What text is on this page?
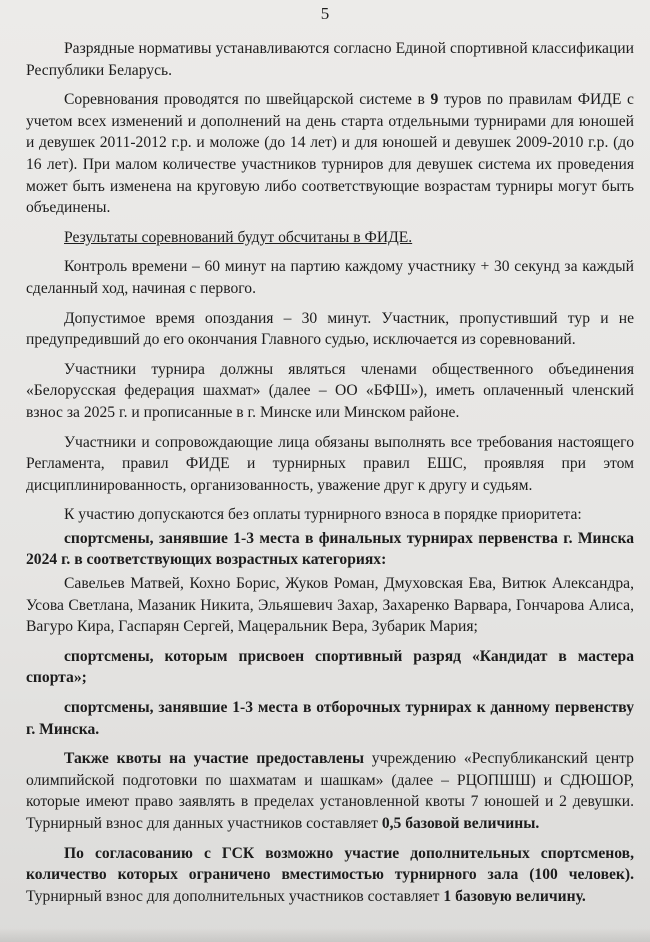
5

Разрядные нормативы устанавливаются согласно Единой спортивной классификации Республики Беларусь.

Соревнования проводятся по швейцарской системе в 9 туров по правилам ФИДЕ с учетом всех изменений и дополнений на день старта отдельными турнирами для юношей и девушек 2011-2012 г.р. и моложе (до 14 лет) и для юношей и девушек 2009-2010 г.р. (до 16 лет). При малом количестве участников турниров для девушек система их проведения может быть изменена на круговую либо соответствующие возрастам турниры могут быть объединены.

Результаты соревнований будут обсчитаны в ФИДЕ.

Контроль времени – 60 минут на партию каждому участнику + 30 секунд за каждый сделанный ход, начиная с первого.

Допустимое время опоздания – 30 минут. Участник, пропустивший тур и не предупредивший до его окончания Главного судью, исключается из соревнований.

Участники турнира должны являться членами общественного объединения «Белорусская федерация шахмат» (далее – ОО «БФШ»), иметь оплаченный членский взнос за 2025 г. и прописанные в г. Минске или Минском районе.

Участники и сопровождающие лица обязаны выполнять все требования настоящего Регламента, правил ФИДЕ и турнирных правил ЕШС, проявляя при этом дисциплинированность, организованность, уважение друг к другу и судьям.

К участию допускаются без оплаты турнирного взноса в порядке приоритета:

спортсмены, занявшие 1-3 места в финальных турнирах первенства г. Минска 2024 г. в соответствующих возрастных категориях:

Савельев Матвей, Кохно Борис, Жуков Роман, Дмуховская Ева, Витюк Александра, Усова Светлана, Мазаник Никита, Эльяшевич Захар, Захаренко Варвара, Гончарова Алиса, Вагуро Кира, Гаспарян Сергей, Мацеральник Вера, Зубарик Мария;

спортсмены, которым присвоен спортивный разряд «Кандидат в мастера спорта»;

спортсмены, занявшие 1-3 места в отборочных турнирах к данному первенству г. Минска.

Также квоты на участие предоставлены учреждению «Республиканский центр олимпийской подготовки по шахматам и шашкам» (далее – РЦОПШШ) и СДЮШОР, которые имеют право заявлять в пределах установленной квоты 7 юношей и 2 девушки. Турнирный взнос для данных участников составляет 0,5 базовой величины.

По согласованию с ГСК возможно участие дополнительных спортсменов, количество которых ограничено вместимостью турнирного зала (100 человек). Турнирный взнос для дополнительных участников составляет 1 базовую величину.
